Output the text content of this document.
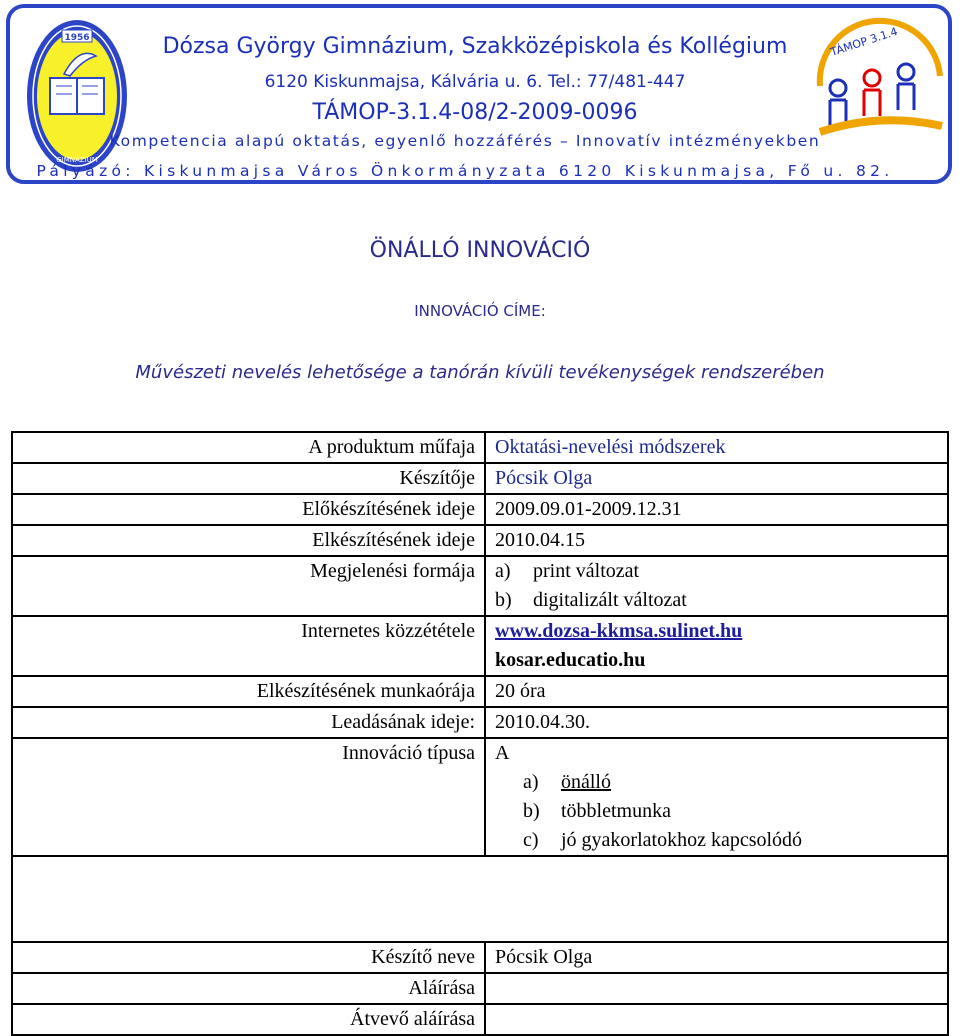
1956
GIMNÁZIUM
Dózsa György Gimnázium, Szakközépiskola és Kollégium
6120 Kiskunmajsa, Kálvária u. 6. Tel.: 77/481-447
TÁMOP-3.1.4-08/2-2009-0096
Kompetencia alapú oktatás, egyenlő hozzáférés – Innovatív intézményekben
Pályázó: Kiskunmajsa Város Önkormányzata 6120 Kiskunmajsa, Fő u. 82.
TÁMOP 3.1.4
ÖNÁLLÓ INNOVÁCIÓ
INNOVÁCIÓ CÍME:
Művészeti nevelés lehetősége a tanórán kívüli tevékenységek rendszerében
A produktum műfaja	Oktatási-nevelési módszerek
Készítője	Pócsik Olga
Előkészítésének ideje	2009.09.01-2009.12.31
Elkészítésének ideje	2010.04.15
Megjelenési formája	a) print változat
b) digitalizált változat

Internetes közzététele	www.dozsa-kkmsa.sulinet.hu
kosar.educatio.hu

Elkészítésének munkaórája	20 óra
Leadásának ideje:	2010.04.30.
Innováció típusa	A
a) önálló
b) többletmunka
c) jó gyakorlatokhoz kapcsolódó

Készítő neve	Pócsik Olga
Aláírása	
Átvevő aláírása	
